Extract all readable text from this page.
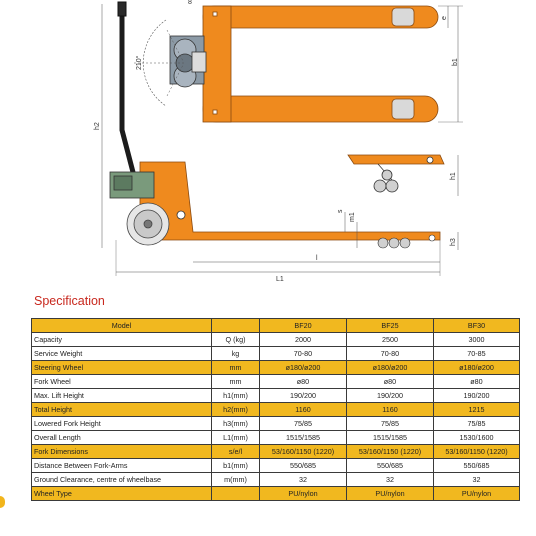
210°
8
b1
e
h2
h1
h3
s
m1
l
L1
Specification
Model		BF20	BF25	BF30
Capacity	Q (kg)	2000	2500	3000
Service Weight	kg	70-80	70-80	70-85
Steering Wheel	mm	ø180/ø200	ø180/ø200	ø180/ø200
Fork Wheel	mm	ø80	ø80	ø80
Max. Lift Height	h1(mm)	190/200	190/200	190/200
Total Height	h2(mm)	1160	1160	1215
Lowered Fork Height	h3(mm)	75/85	75/85	75/85
Overall Length	L1(mm)	1515/1585	1515/1585	1530/1600
Fork Dimensions	s/e/l	53/160/1150 (1220)	53/160/1150 (1220)	53/160/1150 (1220)
Distance Between Fork-Arms	b1(mm)	550/685	550/685	550/685
Ground Clearance, centre of wheelbase	m(mm)	32	32	32
Wheel Type		PU/nylon	PU/nylon	PU/nylon
